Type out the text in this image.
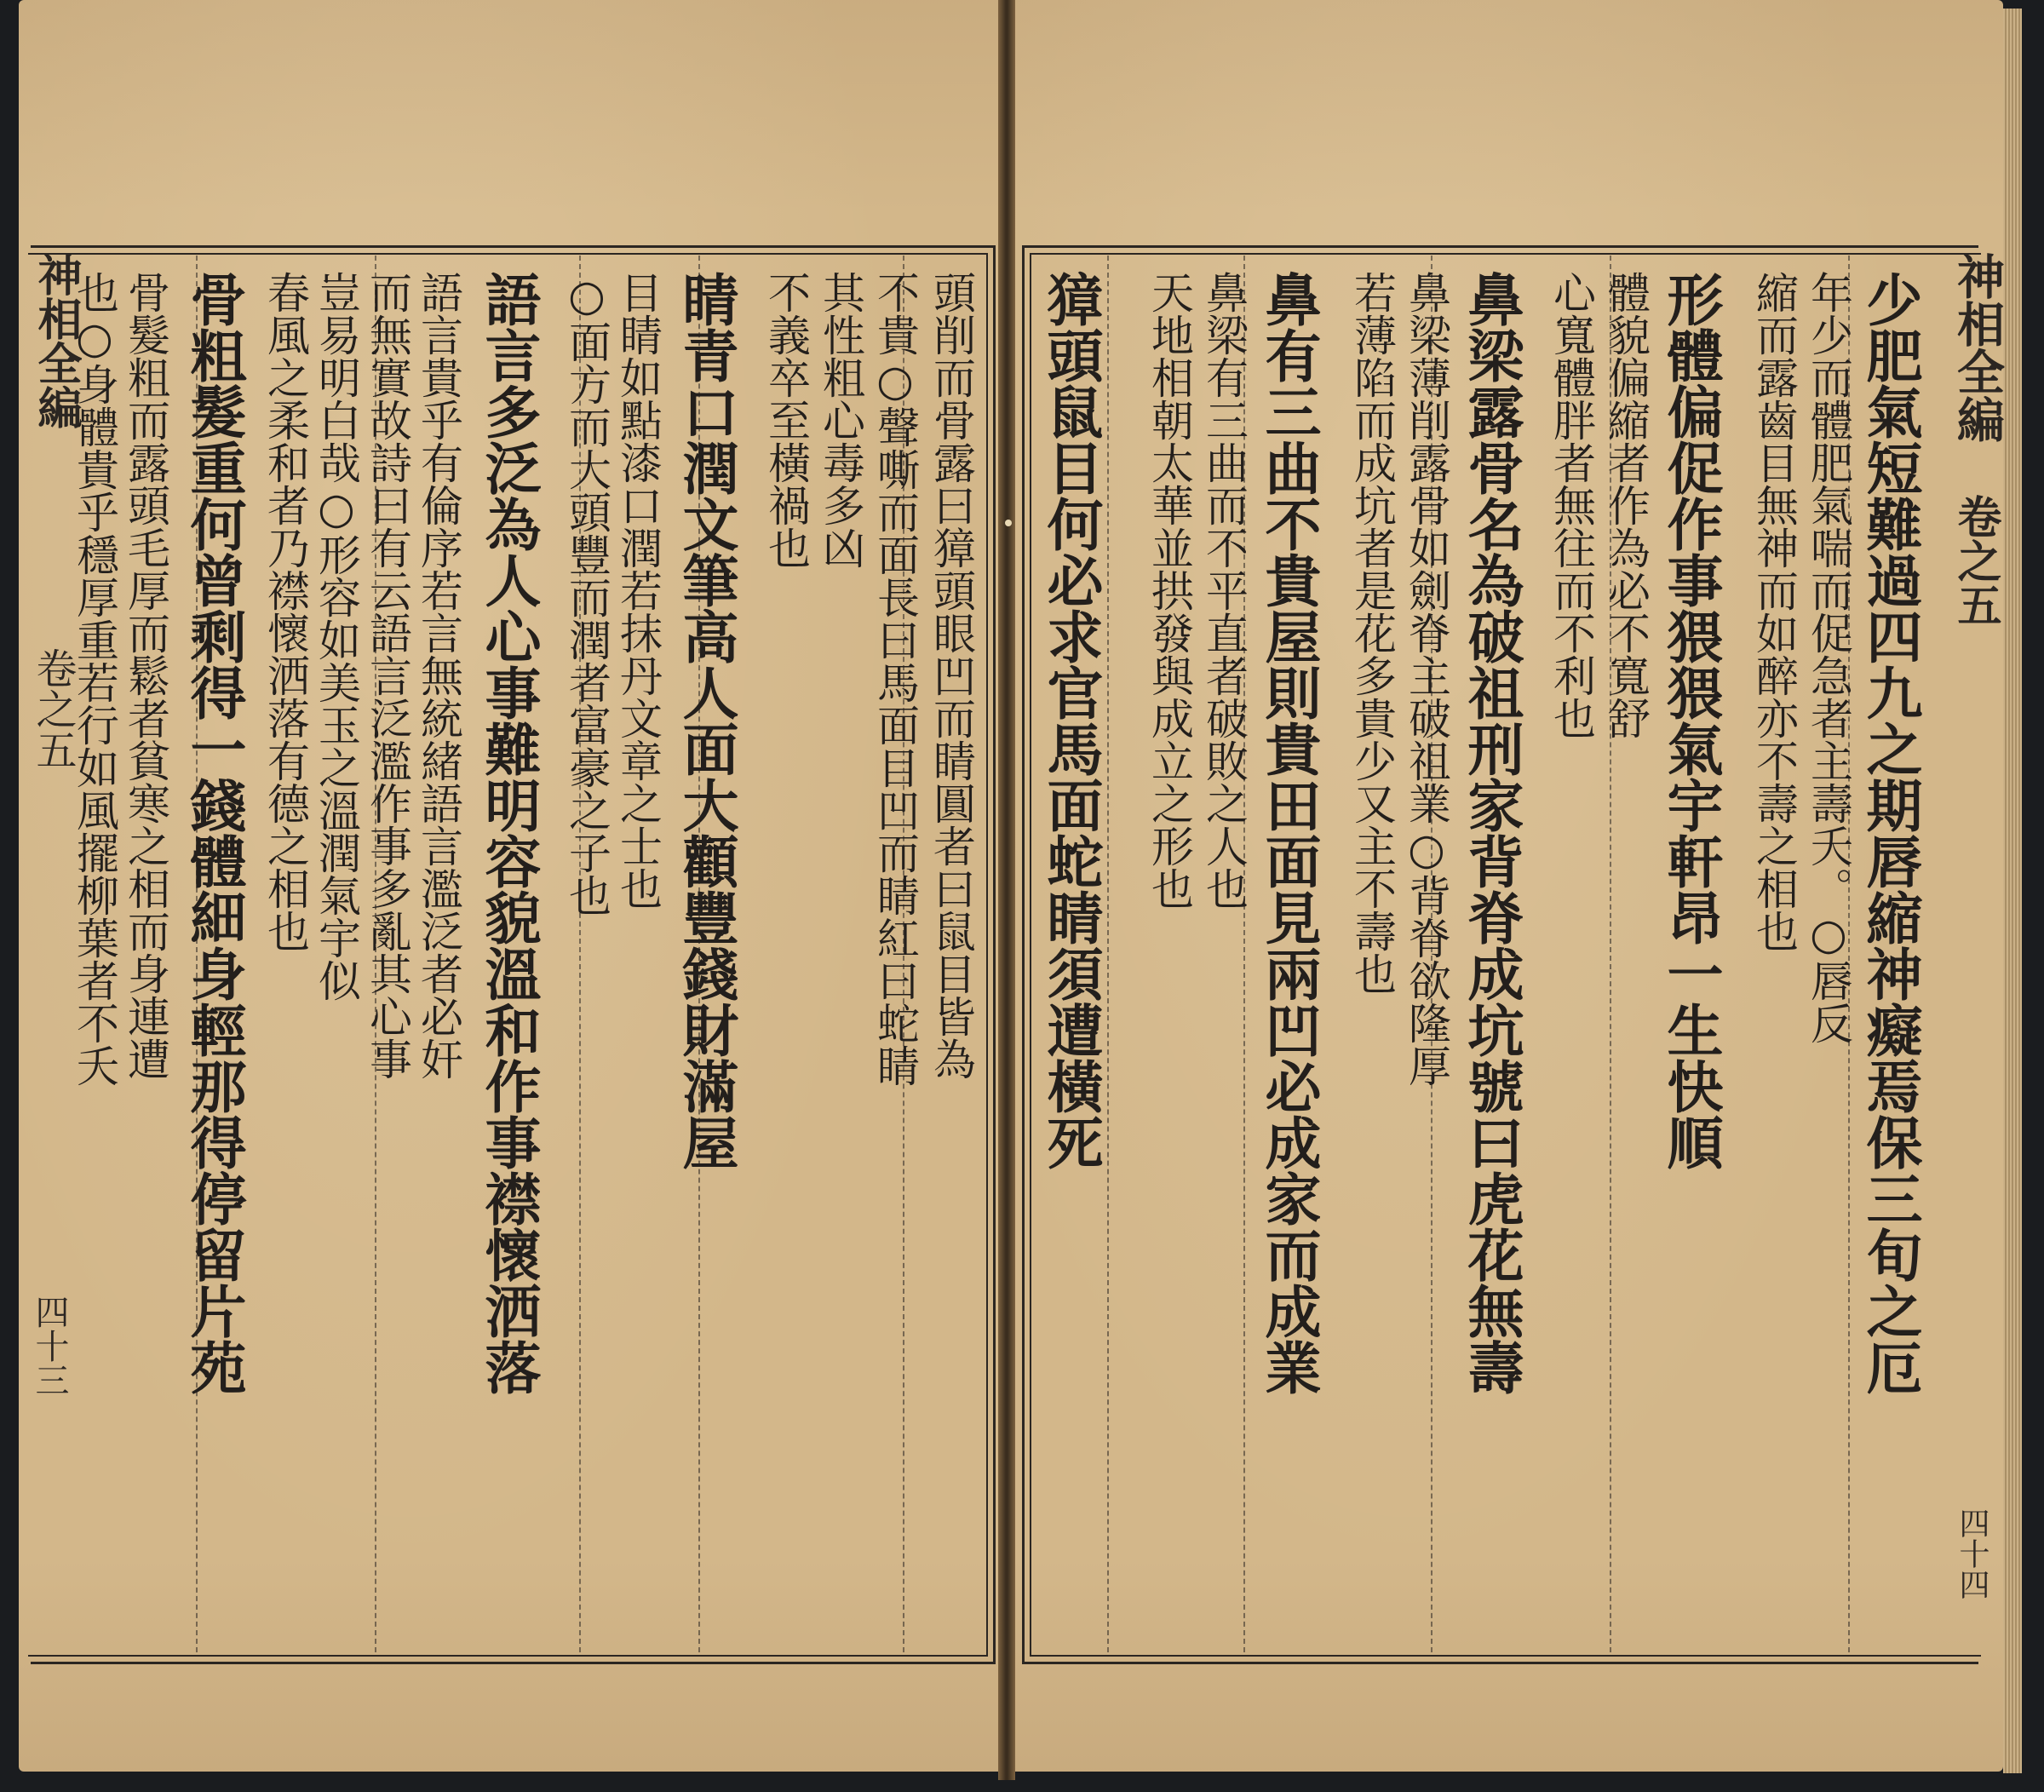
神相全編
卷之五
四十四
神相全編
卷之五
四十三	少肥氣短難過四九之期唇縮神癡焉保三旬之厄
年少而體肥氣喘而促急者主壽夭。○唇反
縮而露齒目無神而如醉亦不壽之相也
形體偏促作事猥猥氣宇軒昂一生快順
體貌偏縮者作為必不寬舒
心寬體胖者無往而不利也
鼻梁露骨名為破祖刑家背脊成坑號曰虎花無壽
鼻梁薄削露骨如劍脊主破祖業○背脊欲隆厚
若薄陷而成坑者是花多貴少又主不壽也
鼻有三曲不貴屋則貴田面見兩凹必成家而成業
鼻梁有三曲而不平直者破敗之人也
天地相朝太華並拱發與成立之形也
獐頭鼠目何必求官馬面蛇睛須遭橫死
頭削而骨露曰獐頭眼凹而睛圓者曰鼠目皆為
不貴○聲嘶而面長曰馬面目凹而睛紅曰蛇睛
其性粗心毒多凶
不義卒至橫禍也
睛青口潤文筆高人面大顴豐錢財滿屋
目睛如點漆口潤若抹丹文章之士也
○面方而大頭豐而潤者富豪之子也
語言多泛為人心事難明容貌溫和作事襟懷洒落
語言貴乎有倫序若言無統緒語言濫泛者必奸
而無實故詩曰有云語言泛濫作事多亂其心事
豈易明白哉○形容如美玉之溫潤氣宇似
春風之柔和者乃襟懷洒落有德之相也
骨粗髮重何曾剩得一錢體細身輕那得停留片苑
骨髮粗而露頭毛厚而鬆者貧寒之相而身連遭
也○身體貴乎穩厚重若行如風擺柳葉者不夭
